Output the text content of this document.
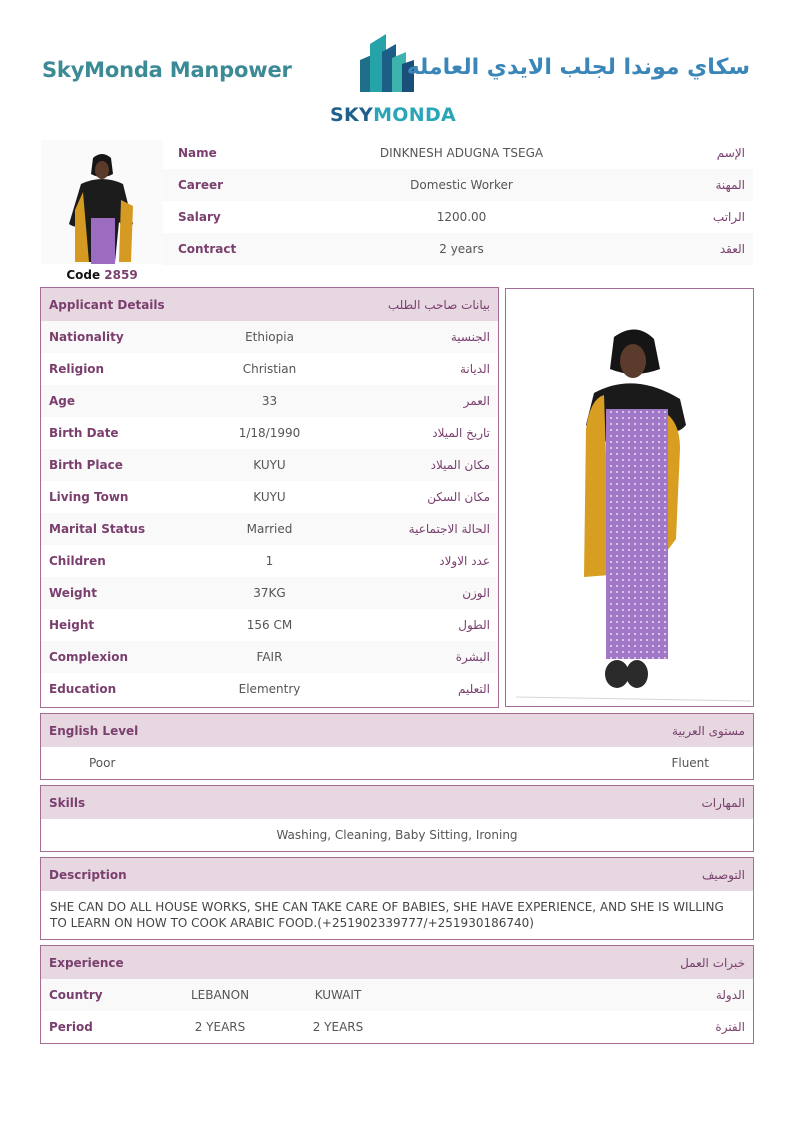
SkyMonda Manpower
SKYMONDA
سكاي موندا لجلب الايدي العامله
Code 2859
Name	DINKNESH ADUGNA TSEGA	الإسم
Career	Domestic Worker	المهنة
Salary	1200.00	الراتب
Contract	2 years	العقد
Applicant Details	بيانات صاحب الطلب
Nationality	Ethiopia	الجنسية
Religion	Christian	الديانة
Age	33	العمر
Birth Date	1/18/1990	تاريخ الميلاد
Birth Place	KUYU	مكان الميلاد
Living Town	KUYU	مكان السكن
Marital Status	Married	الحالة الاجتماعية
Children	1	عدد الاولاد
Weight	37KG	الوزن
Height	156 CM	الطول
Complexion	FAIR	البشرة
Education	Elementry	التعليم
English Level	مستوى العربية
Poor	Fluent
Skills	المهارات
Washing, Cleaning, Baby Sitting, Ironing
Description	التوصيف
SHE CAN DO ALL HOUSE WORKS, SHE CAN TAKE CARE OF BABIES, SHE HAVE EXPERIENCE, AND SHE IS WILLING TO LEARN ON HOW TO COOK ARABIC FOOD.(+251902339777/+251930186740)
Experience	خبرات العمل
Country	LEBANON	KUWAIT	الدولة
Period	2 YEARS	2 YEARS	الفترة
